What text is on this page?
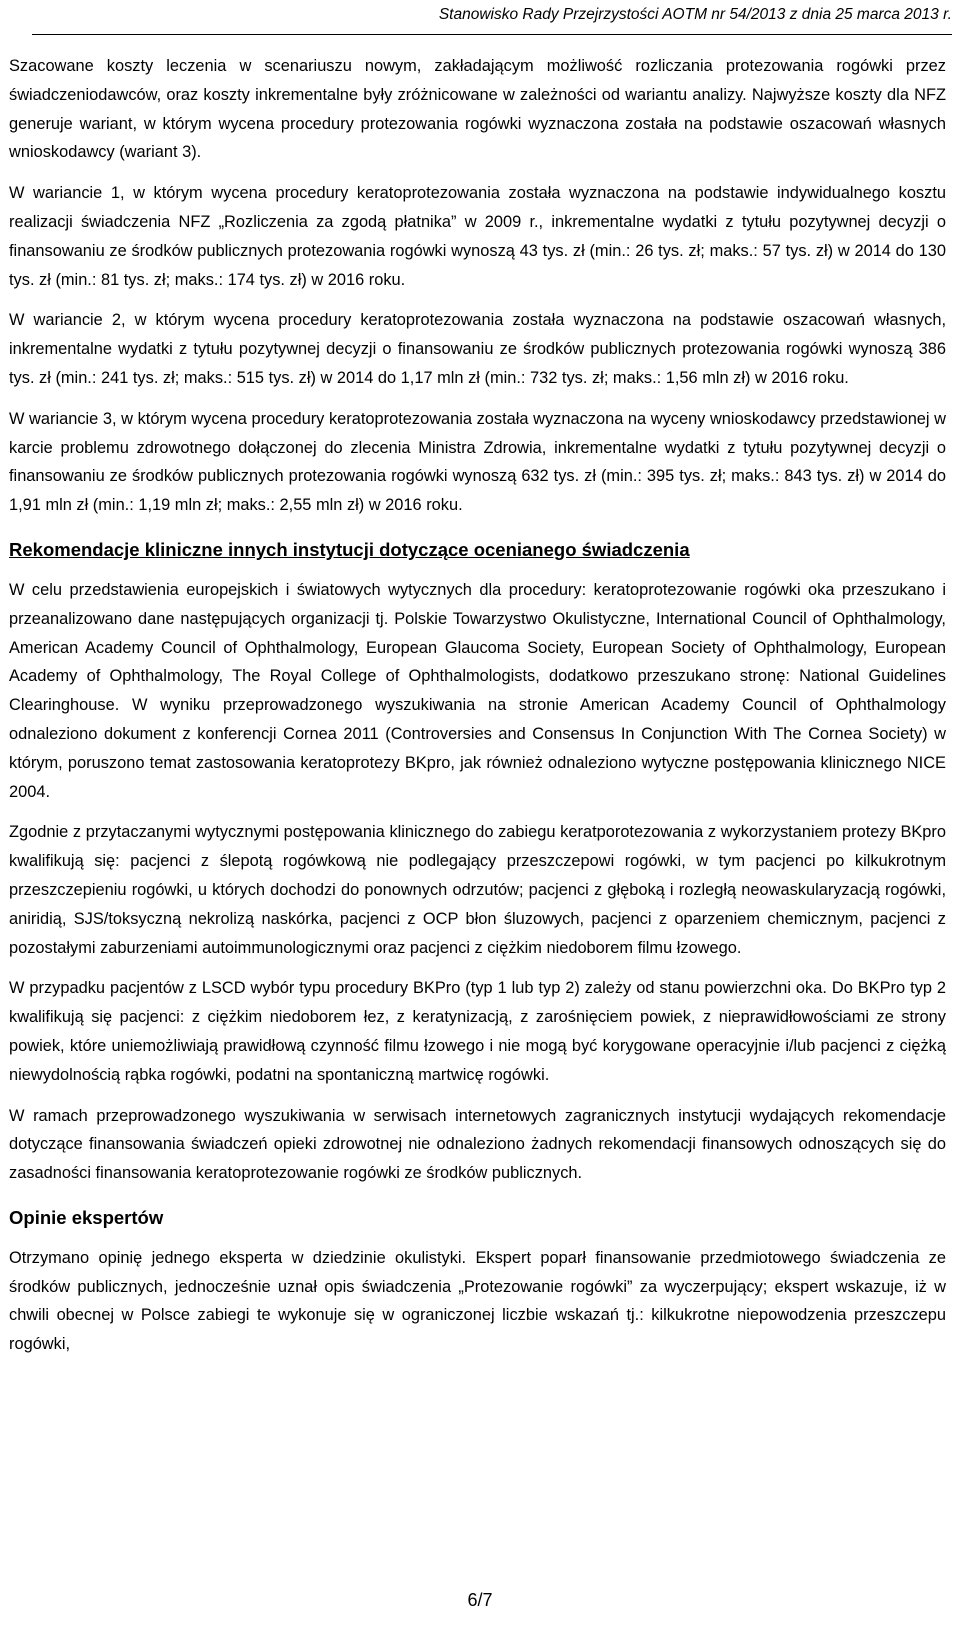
Stanowisko Rady Przejrzystości AOTM nr 54/2013 z dnia 25 marca 2013 r.

Szacowane koszty leczenia w scenariuszu nowym, zakładającym możliwość rozliczania protezowania rogówki przez świadczeniodawców, oraz koszty inkrementalne były zróżnicowane w zależności od wariantu analizy. Najwyższe koszty dla NFZ generuje wariant, w którym wycena procedury protezowania rogówki wyznaczona została na podstawie oszacowań własnych wnioskodawcy (wariant 3).

W wariancie 1, w którym wycena procedury keratoprotezowania została wyznaczona na podstawie indywidualnego kosztu realizacji świadczenia NFZ „Rozliczenia za zgodą płatnika” w 2009 r., inkrementalne wydatki z tytułu pozytywnej decyzji o finansowaniu ze środków publicznych protezowania rogówki wynoszą 43 tys. zł (min.: 26 tys. zł; maks.: 57 tys. zł) w 2014 do 130 tys. zł (min.: 81 tys. zł; maks.: 174 tys. zł) w 2016 roku.

W wariancie 2, w którym wycena procedury keratoprotezowania została wyznaczona na podstawie oszacowań własnych, inkrementalne wydatki z tytułu pozytywnej decyzji o finansowaniu ze środków publicznych protezowania rogówki wynoszą 386 tys. zł (min.: 241 tys. zł; maks.: 515 tys. zł) w 2014 do 1,17 mln zł (min.: 732 tys. zł; maks.: 1,56 mln zł) w 2016 roku.

W wariancie 3, w którym wycena procedury keratoprotezowania została wyznaczona na wyceny wnioskodawcy przedstawionej w karcie problemu zdrowotnego dołączonej do zlecenia Ministra Zdrowia, inkrementalne wydatki z tytułu pozytywnej decyzji o finansowaniu ze środków publicznych protezowania rogówki wynoszą 632 tys. zł (min.: 395 tys. zł; maks.: 843 tys. zł) w 2014 do 1,91 mln zł (min.: 1,19 mln zł; maks.: 2,55 mln zł) w 2016 roku.

Rekomendacje kliniczne innych instytucji dotyczące ocenianego świadczenia

W celu przedstawienia europejskich i światowych wytycznych dla procedury: keratoprotezowanie rogówki oka przeszukano i przeanalizowano dane następujących organizacji tj. Polskie Towarzystwo Okulistyczne, International Council of Ophthalmology, American Academy Council of Ophthalmology, European Glaucoma Society, European Society of Ophthalmology, European Academy of Ophthalmology, The Royal College of Ophthalmologists, dodatkowo przeszukano stronę: National Guidelines Clearinghouse. W wyniku przeprowadzonego wyszukiwania na stronie American Academy Council of Ophthalmology odnaleziono dokument z konferencji Cornea 2011 (Controversies and Consensus In Conjunction With The Cornea Society) w którym, poruszono temat zastosowania keratoprotezy BKpro, jak również odnaleziono wytyczne postępowania klinicznego NICE 2004.

Zgodnie z przytaczanymi wytycznymi postępowania klinicznego do zabiegu keratporotezowania z wykorzystaniem protezy BKpro kwalifikują się: pacjenci z ślepotą rogówkową nie podlegający przeszczepowi rogówki, w tym pacjenci po kilkukrotnym przeszczepieniu rogówki, u których dochodzi do ponownych odrzutów; pacjenci z głęboką i rozległą neowaskularyzacją rogówki, aniridią, SJS/toksyczną nekrolizą naskórka, pacjenci z OCP błon śluzowych, pacjenci z oparzeniem chemicznym, pacjenci z pozostałymi zaburzeniami autoimmunologicznymi oraz pacjenci z ciężkim niedoborem filmu łzowego.

W przypadku pacjentów z LSCD wybór typu procedury BKPro (typ 1 lub typ 2) zależy od stanu powierzchni oka. Do BKPro typ 2 kwalifikują się pacjenci: z ciężkim niedoborem łez, z keratynizacją, z zarośnięciem powiek, z nieprawidłowościami ze strony powiek, które uniemożliwiają prawidłową czynność filmu łzowego i nie mogą być korygowane operacyjnie i/lub pacjenci z ciężką niewydolnością rąbka rogówki, podatni na spontaniczną martwicę rogówki.

W ramach przeprowadzonego wyszukiwania w serwisach internetowych zagranicznych instytucji wydających rekomendacje dotyczące finansowania świadczeń opieki zdrowotnej nie odnaleziono żadnych rekomendacji finansowych odnoszących się do zasadności finansowania keratoprotezowanie rogówki ze środków publicznych.

Opinie ekspertów

Otrzymano opinię jednego eksperta w dziedzinie okulistyki. Ekspert poparł finansowanie przedmiotowego świadczenia ze środków publicznych, jednocześnie uznał opis świadczenia „Protezowanie rogówki” za wyczerpujący; ekspert wskazuje, iż w chwili obecnej w Polsce zabiegi te wykonuje się w ograniczonej liczbie wskazań tj.: kilkukrotne niepowodzenia przeszczepu rogówki,

6/7
